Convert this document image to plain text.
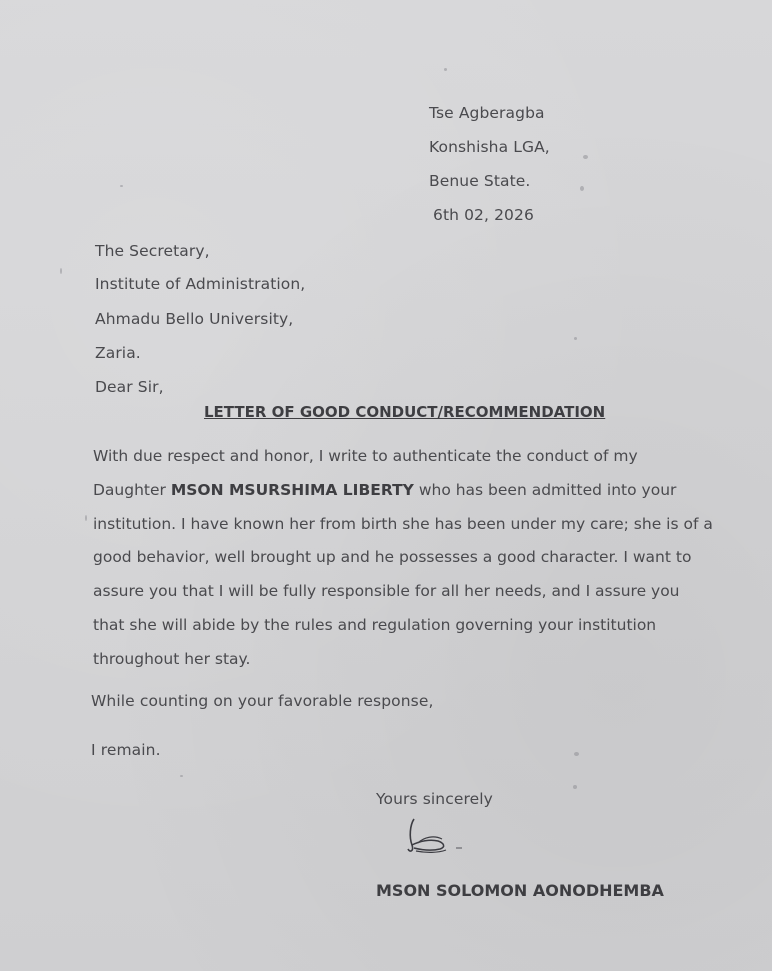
Tse Agberagba
Konshisha LGA,
Benue State.
6th 02, 2026
The Secretary,
Institute of Administration,
Ahmadu Bello University,
Zaria.
Dear Sir,
LETTER OF GOOD CONDUCT/RECOMMENDATION
With due respect and honor, I write to authenticate the conduct of my Daughter MSON MSURSHIMA LIBERTY who has been admitted into your institution. I have known her from birth she has been under my care; she is of a good behavior, well brought up and he possesses a good character. I want to assure you that I will be fully responsible for all her needs, and I assure you that she will abide by the rules and regulation governing your institution throughout her stay.
While counting on your favorable response,
I remain.
Yours sincerely
MSON SOLOMON AONODHEMBA
